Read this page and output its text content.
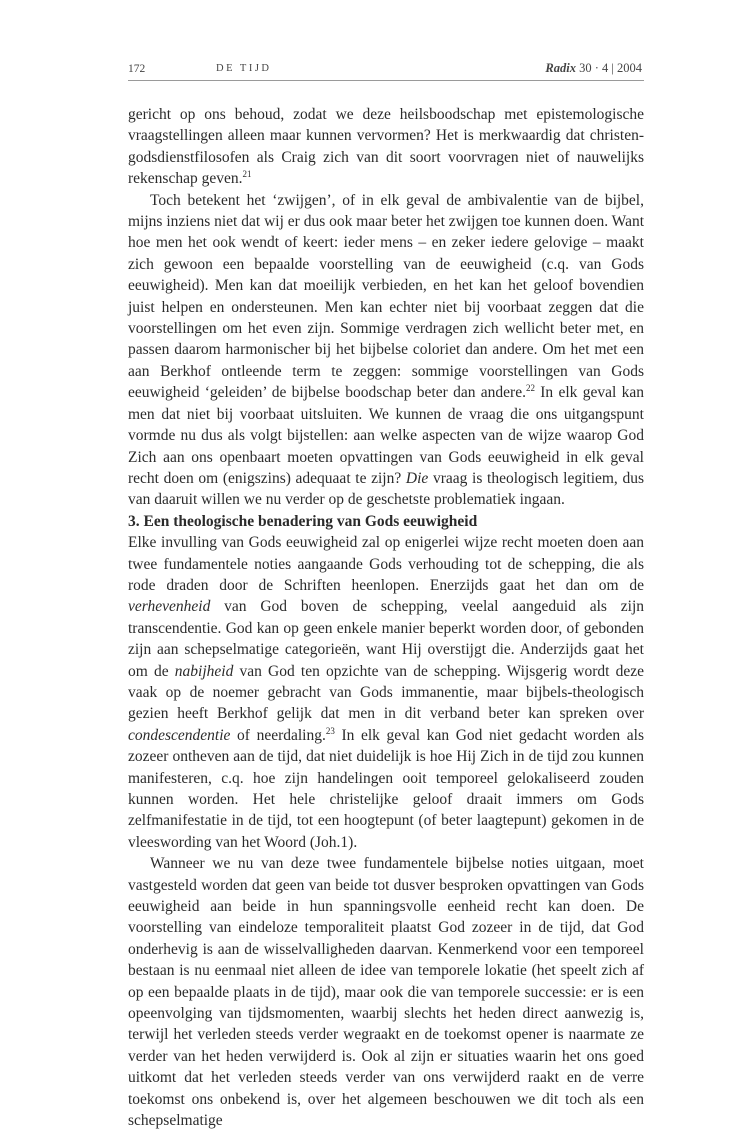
172	DE TIJD	Radix 30 · 4 | 2004

gericht op ons behoud, zodat we deze heilsboodschap met epistemologische vraagstellingen alleen maar kunnen vervormen? Het is merkwaardig dat christen-godsdienstfilosofen als Craig zich van dit soort voorvragen niet of nauwelijks rekenschap geven.$^{21}$

Toch betekent het ‘zwijgen’, of in elk geval de ambivalentie van de bijbel, mijns inziens niet dat wij er dus ook maar beter het zwijgen toe kunnen doen. Want hoe men het ook wendt of keert: ieder mens – en zeker iedere gelovige – maakt zich gewoon een bepaalde voorstelling van de eeuwigheid (c.q. van Gods eeuwigheid). Men kan dat moeilijk verbieden, en het kan het geloof bovendien juist helpen en ondersteunen. Men kan echter niet bij voorbaat zeggen dat die voorstellingen om het even zijn. Sommige verdragen zich wellicht beter met, en passen daarom harmonischer bij het bijbelse coloriet dan andere. Om het met een aan Berkhof ontleende term te zeggen: sommige voorstellingen van Gods eeuwigheid ‘geleiden’ de bijbelse boodschap beter dan andere.$^{22}$ In elk geval kan men dat niet bij voorbaat uitsluiten. We kunnen de vraag die ons uitgangspunt vormde nu dus als volgt bijstellen: aan welke aspecten van de wijze waarop God Zich aan ons openbaart moeten opvattingen van Gods eeuwigheid in elk geval recht doen om (enigszins) adequaat te zijn? Die vraag is theologisch legitiem, dus van daaruit willen we nu verder op de geschetste problematiek ingaan.

3. Een theologische benadering van Gods eeuwigheid

Elke invulling van Gods eeuwigheid zal op enigerlei wijze recht moeten doen aan twee fundamentele noties aangaande Gods verhouding tot de schepping, die als rode draden door de Schriften heenlopen. Enerzijds gaat het dan om de verhevenheid van God boven de schepping, veelal aangeduid als zijn transcendentie. God kan op geen enkele manier beperkt worden door, of gebonden zijn aan schepselmatige categorieën, want Hij overstijgt die. Anderzijds gaat het om de nabijheid van God ten opzichte van de schepping. Wijsgerig wordt deze vaak op de noemer gebracht van Gods immanentie, maar bijbels-theologisch gezien heeft Berkhof gelijk dat men in dit verband beter kan spreken over condescendentie of neerdaling.$^{23}$ In elk geval kan God niet gedacht worden als zozeer ontheven aan de tijd, dat niet duidelijk is hoe Hij Zich in de tijd zou kunnen manifesteren, c.q. hoe zijn handelingen ooit temporeel gelokaliseerd zouden kunnen worden. Het hele christelijke geloof draait immers om Gods zelfmanifestatie in de tijd, tot een hoogtepunt (of beter laagtepunt) gekomen in de vleeswording van het Woord (Joh.1).

Wanneer we nu van deze twee fundamentele bijbelse noties uitgaan, moet vastgesteld worden dat geen van beide tot dusver besproken opvattingen van Gods eeuwigheid aan beide in hun spanningsvolle eenheid recht kan doen. De voorstelling van eindeloze temporaliteit plaatst God zozeer in de tijd, dat God onderhevig is aan de wisselvalligheden daarvan. Kenmerkend voor een temporeel bestaan is nu eenmaal niet alleen de idee van temporele lokatie (het speelt zich af op een bepaalde plaats in de tijd), maar ook die van temporele successie: er is een opeenvolging van tijdsmomenten, waarbij slechts het heden direct aanwezig is, terwijl het verleden steeds verder wegraakt en de toekomst opener is naarmate ze verder van het heden verwijderd is. Ook al zijn er situaties waarin het ons goed uitkomt dat het verleden steeds verder van ons verwijderd raakt en de verre toekomst ons onbekend is, over het algemeen beschouwen we dit toch als een schepselmatige
